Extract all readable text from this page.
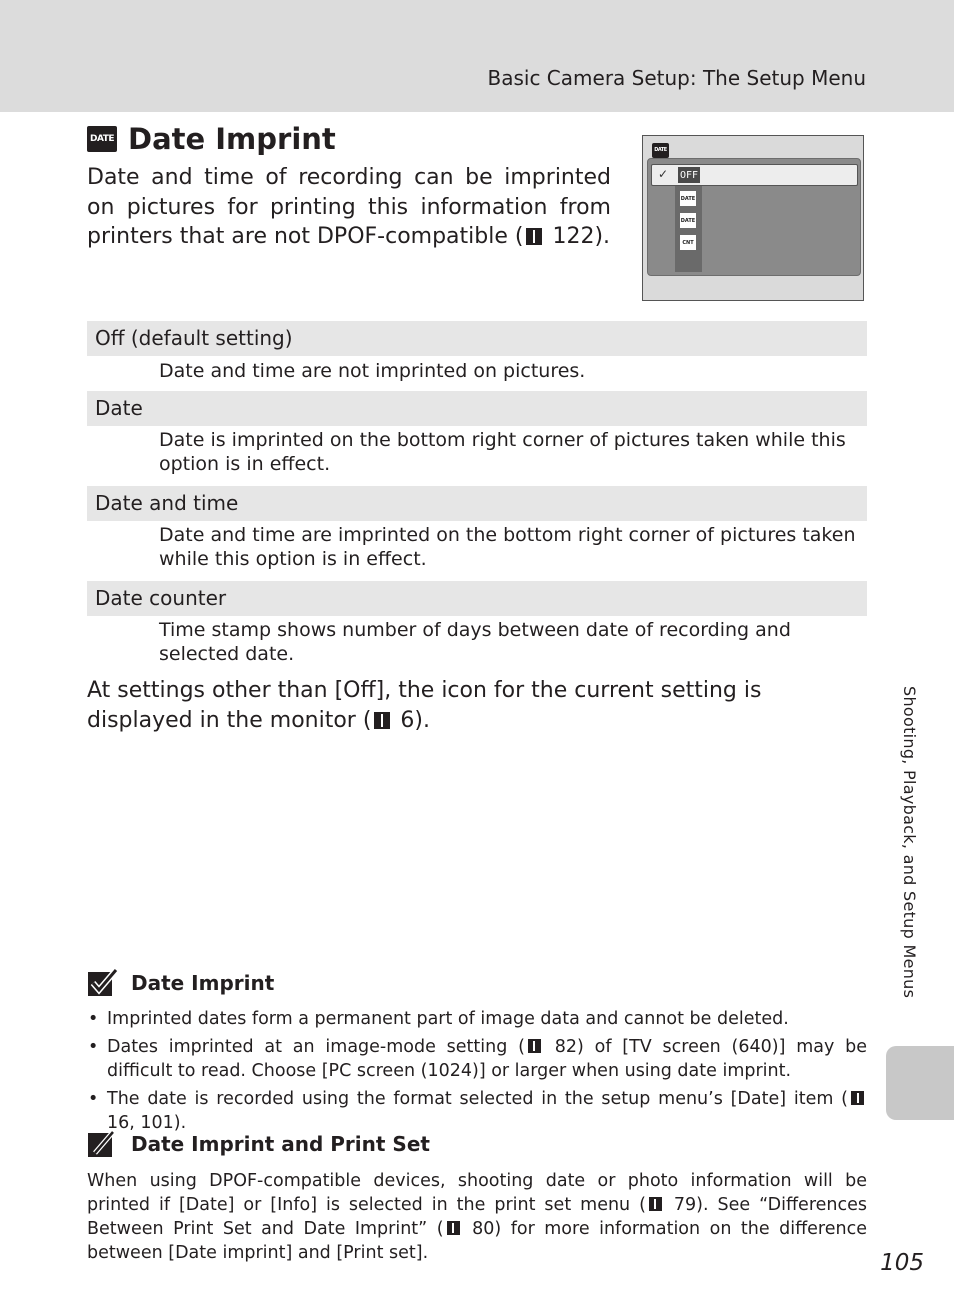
Basic Camera Setup: The Setup Menu
DATE Date Imprint

Date and time of recording can be imprinted on pictures for printing this information from printers that are not DPOF-compatible ( 122).

DATE
✓ OFF
DATE
DATE
CNT
Off (default setting)
Date and time are not imprinted on pictures.
Date
Date is imprinted on the bottom right corner of pictures taken while this option is in effect.
Date and time
Date and time are imprinted on the bottom right corner of pictures taken while this option is in effect.
Date counter
Time stamp shows number of days between date of recording and selected date.

At settings other than [Off], the icon for the current setting is displayed in the monitor ( 6).

Date Imprint
• Imprinted dates form a permanent part of image data and cannot be deleted.
• Dates imprinted at an image-mode setting ( 82) of [TV screen (640)] may be difficult to read. Choose [PC screen (1024)] or larger when using date imprint.
• The date is recorded using the format selected in the setup menu’s [Date] item ( 16, 101).
Date Imprint and Print Set

When using DPOF-compatible devices, shooting date or photo information will be printed if [Date] or [Info] is selected in the print set menu ( 79). See “Differences Between Print Set and Date Imprint” ( 80) for more information on the difference between [Date imprint] and [Print set].

Shooting, Playback, and Setup Menus
105
